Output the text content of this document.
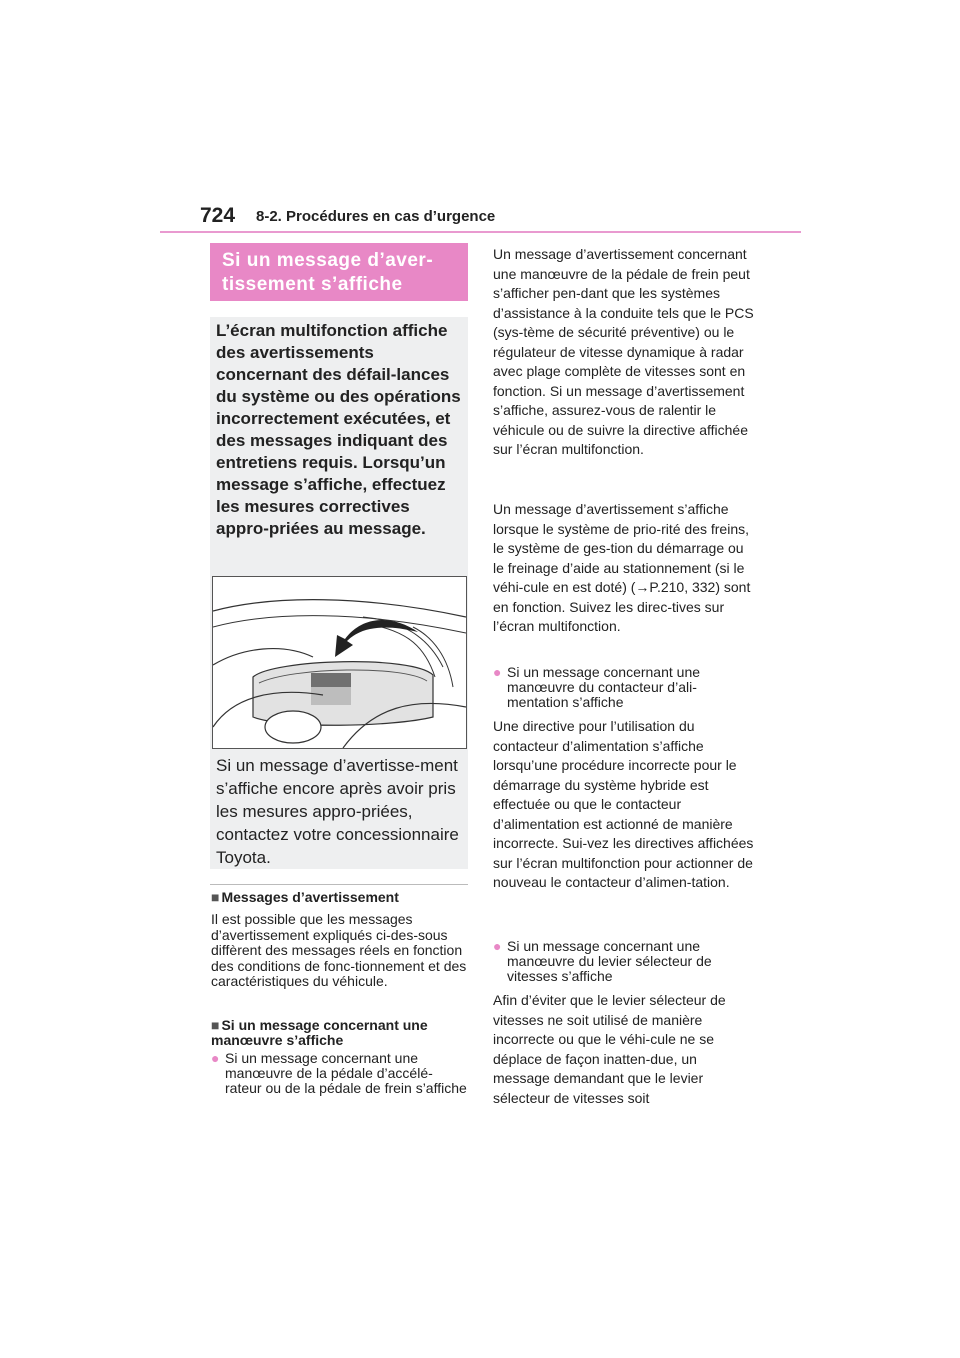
724 8-2. Procédures en cas d’urgence
Si un message d’aver-
tissement s’affiche

L’écran multifonction affiche des avertissements concernant des défail-lances du système ou des opérations incorrectement exécutées, et des messages indiquant des entretiens requis. Lorsqu’un message s’affiche, effectuez les mesures correctives appro-priées au message.

Si un message d’avertisse-ment s’affiche encore après avoir pris les mesures appro-priées, contactez votre concessionnaire Toyota.

■ Messages d’avertissement

Il est possible que les messages d’avertissement expliqués ci-des-sous diffèrent des messages réels en fonction des conditions de fonc-tionnement et des caractéristiques du véhicule.

■ Si un message concernant une manœuvre s’affiche

● Si un message concernant une manœuvre de la pédale d’accélé-rateur ou de la pédale de frein s’affiche

Un message d’avertissement concernant une manœuvre de la pédale de frein peut s’afficher pen-dant que les systèmes d’assistance à la conduite tels que le PCS (sys-tème de sécurité préventive) ou le régulateur de vitesse dynamique à radar avec plage complète de vitesses sont en fonction. Si un message d’avertissement s’affiche, assurez-vous de ralentir le véhicule ou de suivre la directive affichée sur l’écran multifonction.

Un message d’avertissement s’affiche lorsque le système de prio-rité des freins, le système de ges-tion du démarrage ou le freinage d’aide au stationnement (si le véhi-cule en est doté) (→P.210, 332) sont en fonction. Suivez les direc-tives sur l’écran multifonction.

● Si un message concernant une manœuvre du contacteur d’ali-mentation s’affiche

Une directive pour l’utilisation du contacteur d’alimentation s’affiche lorsqu’une procédure incorrecte pour le démarrage du système hybride est effectuée ou que le contacteur d’alimentation est actionné de manière incorrecte. Sui-vez les directives affichées sur l’écran multifonction pour actionner de nouveau le contacteur d’alimen-tation.

● Si un message concernant une manœuvre du levier sélecteur de vitesses s’affiche

Afin d’éviter que le levier sélecteur de vitesses ne soit utilisé de manière incorrecte ou que le véhi-cule ne se déplace de façon inatten-due, un message demandant que le levier sélecteur de vitesses soit
